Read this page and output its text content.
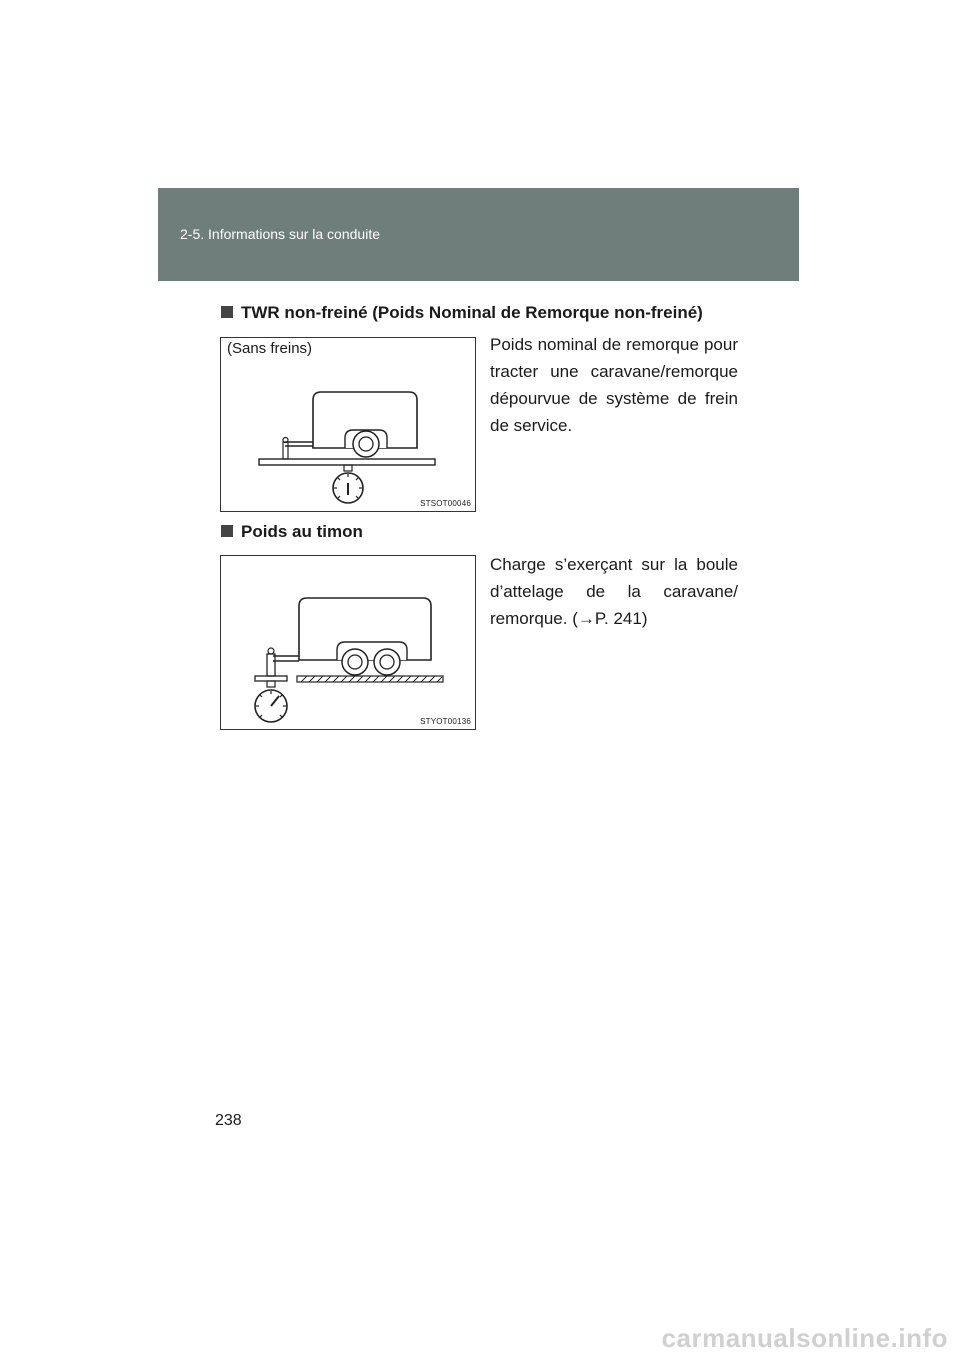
2-5. Informations sur la conduite
TWR non-freiné (Poids Nominal de Remorque non-freiné)
(Sans freins)
STSOT00046
Poids nominal de remorque pour tracter une caravane/remorque dépourvue de système de frein de service.
Poids au timon
STYOT00136
Charge s’exerçant sur la boule d’attelage de la caravane/ remorque. (→P. 241)
238
carmanualsonline.info
